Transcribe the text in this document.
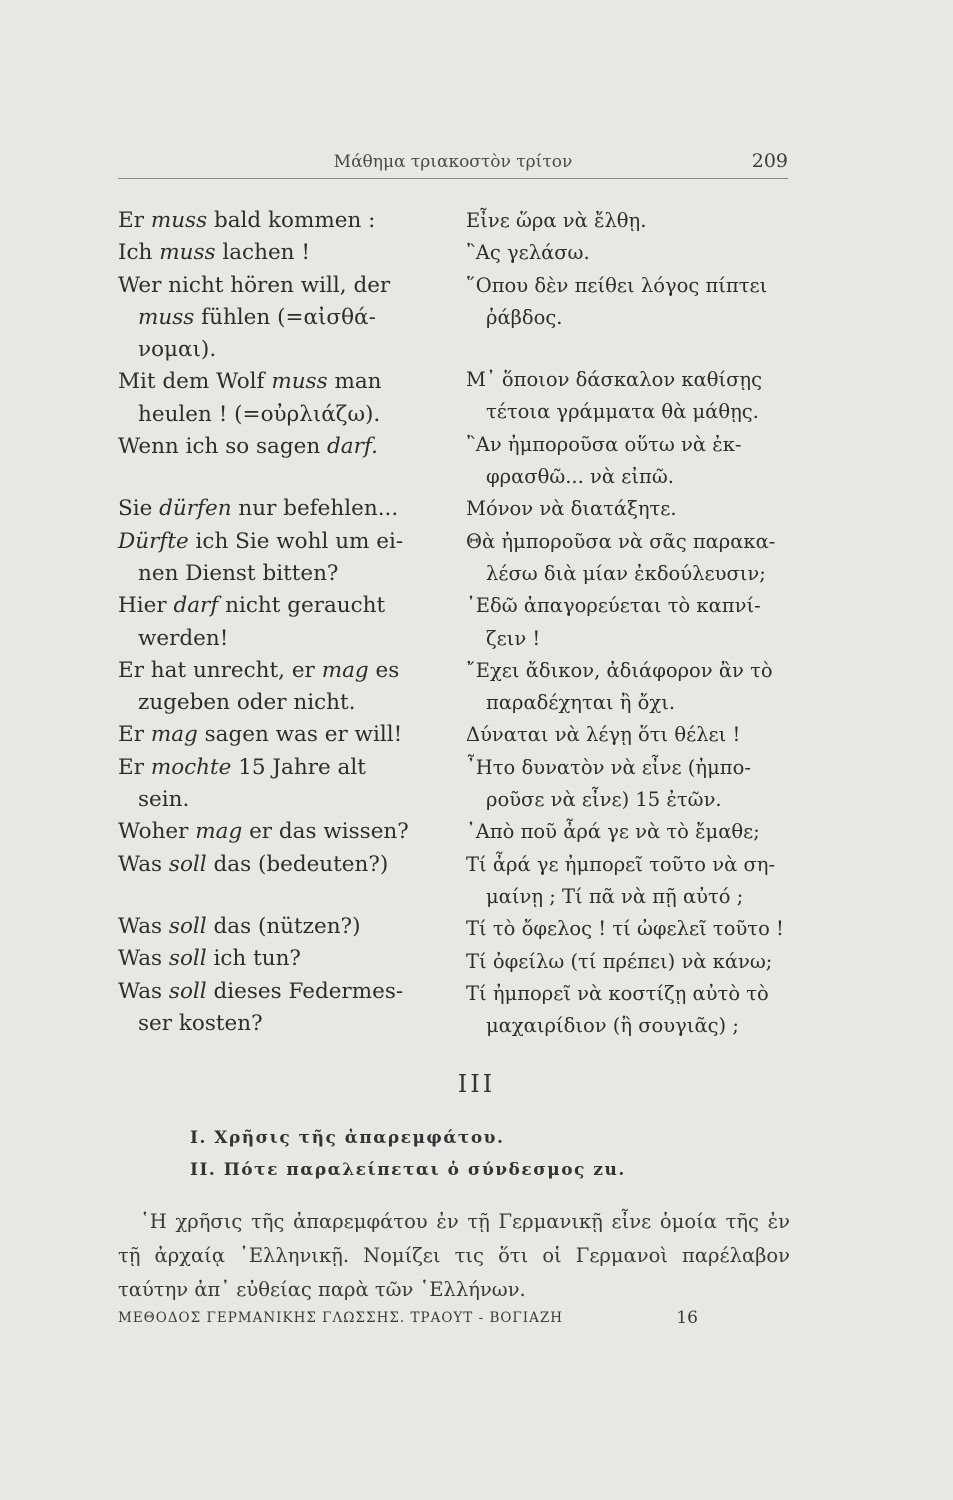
Μάθημα τριακοστὸν τρίτον	209
Er muss bald kommen :
Ich muss lachen !
Wer nicht hören will, der
muss fühlen (=αἰσθά-
νομαι).
Mit dem Wolf muss man
heulen ! (=οὐρλιάζω).
Wenn ich so sagen darf.
Sie dürfen nur befehlen...
Dürfte ich Sie wohl um ei-
nen Dienst bitten?
Hier darf nicht geraucht
werden!
Er hat unrecht, er mag es
zugeben oder nicht.
Er mag sagen was er will!
Er mochte 15 Jahre alt
sein.
Woher mag er das wissen?
Was soll das (bedeuten?)
Was soll das (nützen?)
Was soll ich tun?
Was soll dieses Federmes-
ser kosten?
Εἶνε ὥρα νὰ ἔλθῃ.
῍Ας γελάσω.
῞Οπου δὲν πείθει λόγος πίπτει
ῥάβδος.
Μ᾽ ὅποιον δάσκαλον καθίσῃς
τέτοια γράμματα θὰ μάθῃς.
῍Αν ἠμποροῦσα οὕτω νὰ ἐκ-
φρασθῶ... νὰ εἰπῶ.
Μόνον νὰ διατάξητε.
Θὰ ἠμποροῦσα νὰ σᾶς παρακα-
λέσω διὰ μίαν ἐκδούλευσιν;
᾽Εδῶ ἀπαγορεύεται τὸ καπνί-
ζειν !
῎Εχει ἄδικον, ἀδιάφορον ἂν τὸ
παραδέχηται ἢ ὄχι.
Δύναται νὰ λέγῃ ὅτι θέλει !
῏Ητο δυνατὸν νὰ εἶνε (ἠμπο-
ροῦσε νὰ εἶνε) 15 ἐτῶν.
᾽Απὸ ποῦ ἆρά γε νὰ τὸ ἔμαθε;
Τί ἆρά γε ἠμπορεῖ τοῦτο νὰ ση-
μαίνῃ ; Τί πᾶ νὰ πῇ αὐτό ;
Τί τὸ ὄφελος ! τί ὠφελεῖ τοῦτο !
Τί ὀφείλω (τί πρέπει) νὰ κάνω;
Τί ἠμπορεῖ νὰ κοστίζῃ αὐτὸ τὸ
μαχαιρίδιον (ἢ σουγιᾶς) ;
III
I. Χρῆσις τῆς ἀπαρεμφάτου.
II. Πότε παραλείπεται ὁ σύνδεσμος zu.
῾Η χρῆσις τῆς ἀπαρεμφάτου ἐν τῇ Γερμανικῇ εἶνε ὁμοία τῆς ἐν τῇ ἀρχαίᾳ ῾Ελληνικῇ. Νομίζει τις ὅτι οἱ Γερμανοὶ παρέλαβον ταύτην ἀπ᾽ εὐθείας παρὰ τῶν ῾Ελλήνων.
ΜΕΘΟΔΟΣ ΓΕΡΜΑΝΙΚΗΣ ΓΛΩΣΣΗΣ. ΤΡΑΟΥΤ - ΒΟΓΙΑΖΗ	16
